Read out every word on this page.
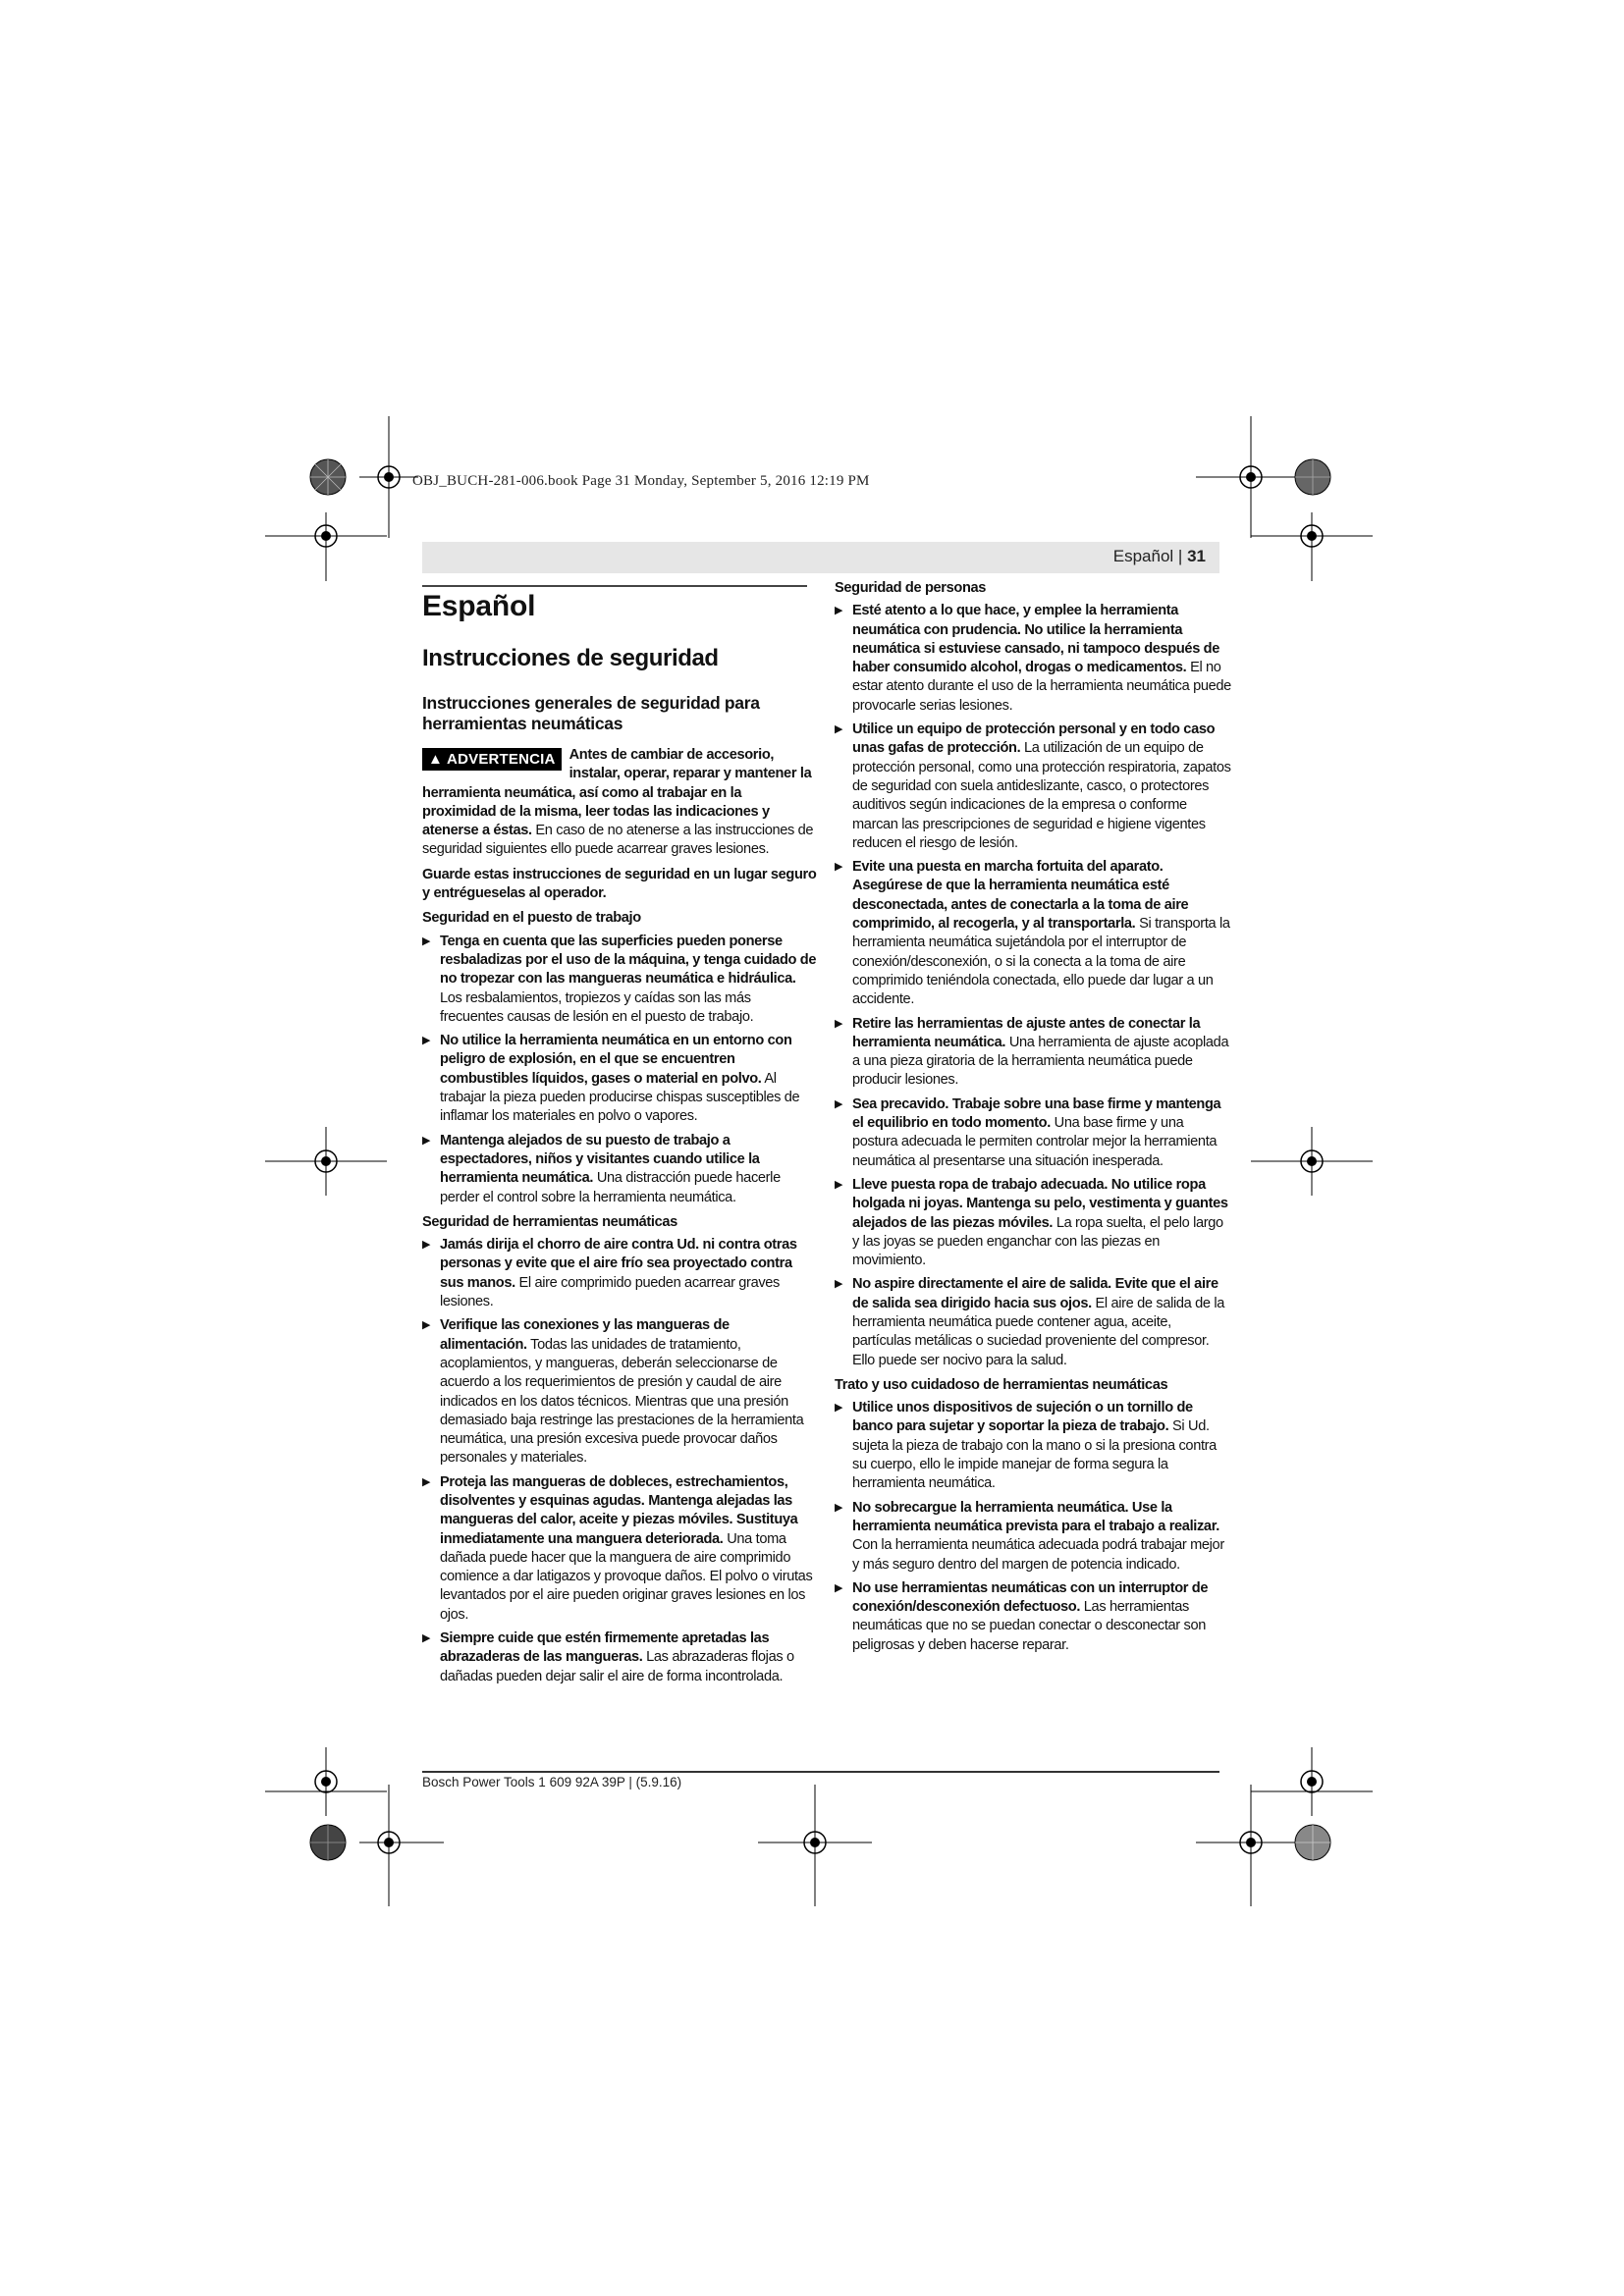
OBJ_BUCH-281-006.book Page 31 Monday, September 5, 2016 12:19 PM
Español | 31
Español
Instrucciones de seguridad
Instrucciones generales de seguridad para herramientas neumáticas

▲ ADVERTENCIA Antes de cambiar de accesorio, instalar, operar, reparar y mantener la herramienta neumática, así como al trabajar en la proximidad de la misma, leer todas las indicaciones y atenerse a éstas. En caso de no atenerse a las instrucciones de seguridad siguientes ello puede acarrear graves lesiones.

Guarde estas instrucciones de seguridad en un lugar seguro y entrégueselas al operador.

Seguridad en el puesto de trabajo
▶ Tenga en cuenta que las superficies pueden ponerse resbaladizas por el uso de la máquina, y tenga cuidado de no tropezar con las mangueras neumática e hidráulica. Los resbalamientos, tropiezos y caídas son las más frecuentes causas de lesión en el puesto de trabajo.
▶ No utilice la herramienta neumática en un entorno con peligro de explosión, en el que se encuentren combustibles líquidos, gases o material en polvo. Al trabajar la pieza pueden producirse chispas susceptibles de inflamar los materiales en polvo o vapores.
▶ Mantenga alejados de su puesto de trabajo a espectadores, niños y visitantes cuando utilice la herramienta neumática. Una distracción puede hacerle perder el control sobre la herramienta neumática.
Seguridad de herramientas neumáticas
▶ Jamás dirija el chorro de aire contra Ud. ni contra otras personas y evite que el aire frío sea proyectado contra sus manos. El aire comprimido pueden acarrear graves lesiones.
▶ Verifique las conexiones y las mangueras de alimentación. Todas las unidades de tratamiento, acoplamientos, y mangueras, deberán seleccionarse de acuerdo a los requerimientos de presión y caudal de aire indicados en los datos técnicos. Mientras que una presión demasiado baja restringe las prestaciones de la herramienta neumática, una presión excesiva puede provocar daños personales y materiales.
▶ Proteja las mangueras de dobleces, estrechamientos, disolventes y esquinas agudas. Mantenga alejadas las mangueras del calor, aceite y piezas móviles. Sustituya inmediatamente una manguera deteriorada. Una toma dañada puede hacer que la manguera de aire comprimido comience a dar latigazos y provoque daños. El polvo o virutas levantados por el aire pueden originar graves lesiones en los ojos.
▶ Siempre cuide que estén firmemente apretadas las abrazaderas de las mangueras. Las abrazaderas flojas o dañadas pueden dejar salir el aire de forma incontrolada.
Seguridad de personas
▶ Esté atento a lo que hace, y emplee la herramienta neumática con prudencia. No utilice la herramienta neumática si estuviese cansado, ni tampoco después de haber consumido alcohol, drogas o medicamentos. El no estar atento durante el uso de la herramienta neumática puede provocarle serias lesiones.
▶ Utilice un equipo de protección personal y en todo caso unas gafas de protección. La utilización de un equipo de protección personal, como una protección respiratoria, zapatos de seguridad con suela antideslizante, casco, o protectores auditivos según indicaciones de la empresa o conforme marcan las prescripciones de seguridad e higiene vigentes reducen el riesgo de lesión.
▶ Evite una puesta en marcha fortuita del aparato. Asegúrese de que la herramienta neumática esté desconectada, antes de conectarla a la toma de aire comprimido, al recogerla, y al transportarla. Si transporta la herramienta neumática sujetándola por el interruptor de conexión/desconexión, o si la conecta a la toma de aire comprimido teniéndola conectada, ello puede dar lugar a un accidente.
▶ Retire las herramientas de ajuste antes de conectar la herramienta neumática. Una herramienta de ajuste acoplada a una pieza giratoria de la herramienta neumática puede producir lesiones.
▶ Sea precavido. Trabaje sobre una base firme y mantenga el equilibrio en todo momento. Una base firme y una postura adecuada le permiten controlar mejor la herramienta neumática al presentarse una situación inesperada.
▶ Lleve puesta ropa de trabajo adecuada. No utilice ropa holgada ni joyas. Mantenga su pelo, vestimenta y guantes alejados de las piezas móviles. La ropa suelta, el pelo largo y las joyas se pueden enganchar con las piezas en movimiento.
▶ No aspire directamente el aire de salida. Evite que el aire de salida sea dirigido hacia sus ojos. El aire de salida de la herramienta neumática puede contener agua, aceite, partículas metálicas o suciedad proveniente del compresor. Ello puede ser nocivo para la salud.
Trato y uso cuidadoso de herramientas neumáticas
▶ Utilice unos dispositivos de sujeción o un tornillo de banco para sujetar y soportar la pieza de trabajo. Si Ud. sujeta la pieza de trabajo con la mano o si la presiona contra su cuerpo, ello le impide manejar de forma segura la herramienta neumática.
▶ No sobrecargue la herramienta neumática. Use la herramienta neumática prevista para el trabajo a realizar. Con la herramienta neumática adecuada podrá trabajar mejor y más seguro dentro del margen de potencia indicado.
▶ No use herramientas neumáticas con un interruptor de conexión/desconexión defectuoso. Las herramientas neumáticas que no se puedan conectar o desconectar son peligrosas y deben hacerse reparar.
Bosch Power Tools 1 609 92A 39P | (5.9.16)
